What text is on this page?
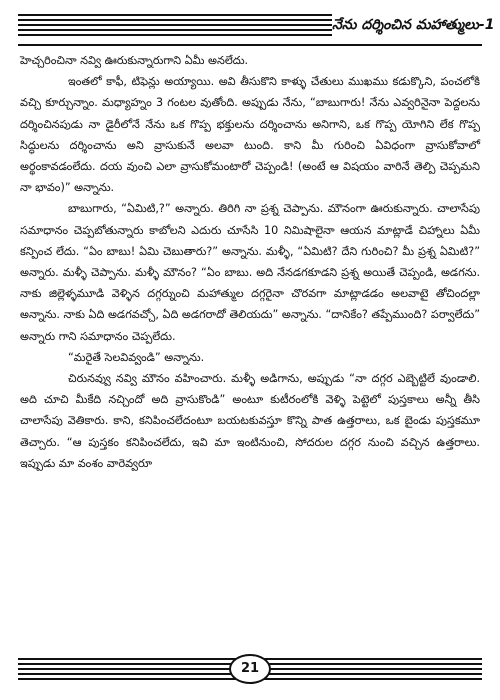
నేను దర్శించిన మహాత్ములు-1

హెచ్చరించినా నవ్వి ఊరుకున్నారుగాని ఏమీ అనలేదు.

ఇంతలో కాఫీ, టిఫెన్లు అయ్యాయి. అవి తీసుకొని కాళ్ళు చేతులు ముఖము కడుక్కొని, పంచలోకి వచ్చి కూర్చున్నాం. మధ్యాహ్నం 3 గంటల వుతోంది. అప్పుడు నేను, “బాబుగారు! నేను ఎవ్వరినైనా పెద్దలను దర్శించినపుడు నా డైరీలోనే నేను ఒక గొప్ప భక్తులను దర్శించాను అనిగాని, ఒక గొప్ప యోగిని లేక గొప్ప సిద్ధులను దర్శించాను అని వ్రాసుకునే అలవా టుంది. కాని మీ గురించి ఏవిధంగా వ్రాసుకోవాలో అర్థంకావడంలేదు. దయ వుంచి ఎలా వ్రాసుకోమంటారో చెప్పండి! (అంటే ఆ విషయం వారినే తెల్పి చెప్పమని నా భావం)” అన్నాను.

బాబుగారు, “ఏమిటి,?” అన్నారు. తిరిగి నా ప్రశ్న చెప్పాను. మౌనంగా ఊరుకున్నారు. చాలాసేపు సమాధానం చెప్పబోతున్నారు కాబోలని ఎదురు చూసేసి 10 నిమిషాలైనా ఆయన మాట్లాడే చిహ్నాలు ఏమీ కన్పించ లేదు. “ఏం బాబు! ఏమి చెబుతారు?” అన్నాను. మళ్ళీ, “ఏమిటి? దేని గురించి? మీ ప్రశ్న ఏమిటి?” అన్నారు. మళ్ళీ చెప్పాను. మళ్ళీ మౌనం? “ఏం బాబు. అది నేనడగకూడని ప్రశ్న అయితే చెప్పండి, అడగను. నాకు జిల్లెళ్ళమూడి వెళ్ళిన దగ్గర్నుంచి మహాత్ముల దగ్గరైనా చొరవగా మాట్లాడడం అలవాటై తోచిందల్లా అన్నాను. నాకు ఏది అడగవచ్చో, ఏది అడగరాదో తెలియదు” అన్నాను. “దానికేం? తప్పేముంది? పర్వాలేదు” అన్నారు గాని సమాధానం చెప్పలేదు.

“మరైతే సెలవివ్వండి” అన్నాను.

చిరునవ్వు నవ్వి మౌనం వహించారు. మళ్ళీ అడిగాను, అప్పుడు “నా దగ్గర ఎబ్బెట్టిలే వుండాలి. అది చూచి మీకేది నచ్చిందో అది వ్రాసుకొండి” అంటూ కుటీరంలోకి వెళ్ళి పెట్టెలో పుస్తకాలు అన్నీ తీసి చాలాసేపు వెతికారు. కాని, కనిపించలేదంటూ బయటకువస్తూ కొన్ని పాత ఉత్తరాలు, ఒక బైండు పుస్తకమూ తెచ్చారు. “ఆ పుస్తకం కనిపించలేదు, ఇవి మా ఇంటినుంచి, సోదరుల దగ్గర నుంచి వచ్చిన ఉత్తరాలు. ఇప్పుడు మా వంశం వారెవ్వరూ

21
